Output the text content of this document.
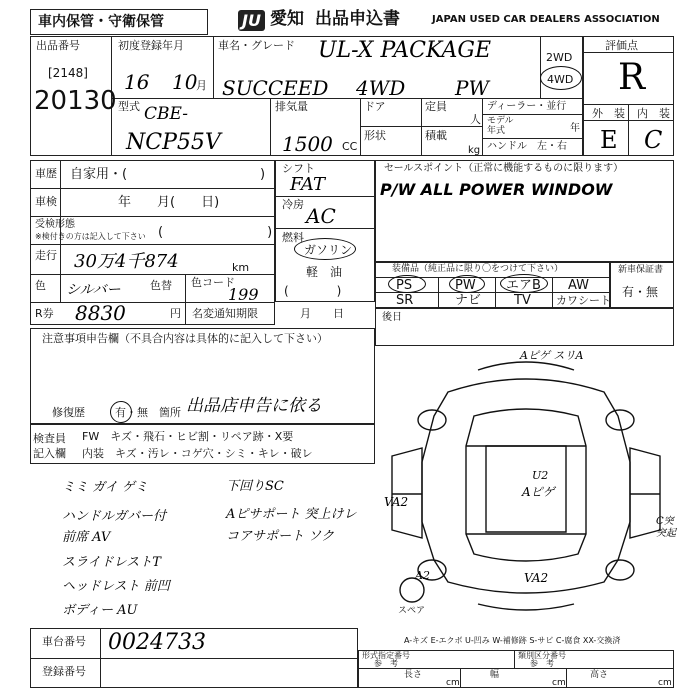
車内保管・守衛保管	JU 愛知 出品申込書	JAPAN USED CAR DEALERS ASSOCIATION
出品番号
[2148]
20130
初度登録年月
16 10
月
車名・グレード UL-X PACKAGE
SUCCEED 4WD PW
2WD
4WD
型式 CBE-
NCP55V
排気量
1500 CC
ドア
形状
定員
人
積載
kg
ディーラー・並行
モデル
年式	年
ハンドル　左・右
評価点
R
外　装 内　装
E C
車歴 自家用・(	)
車検	年　　月(　　日)
受検形態
※検付きの方は記入して下さい (　　　　　　　　)
走行 30万4千874	km
色 シルバー	色替 色コード
199
R券 8830	円 名変通知期限	月　　日
シフト
FAT
冷房 AC
燃料
ガソリン
軽　油
(　　　　)
セールスポイント（正常に機能するものに限ります）
P/W ALL POWER WINDOW
装備品（純正品に限り〇をつけて下さい）
PS	PW エアB AW
SR	ナビ	TV カワシート
新車保証書
有・無
後日
注意事項申告欄（不具合内容は具体的に記入して下さい）
修復歴	有・無　箇所 出品店申告に依る
検査員
記入欄
FW　キズ・飛石・ヒビ割・リペア跡・X要
内装　キズ・汚レ・コゲ穴・シミ・キレ・破レ
ミミ ガイ ゲミ
ハンドルガバー付
前席 AV
スライドレストT
ヘッドレスト 前凹
ボディー AU
下回りSC
Aピサポート 突上けレ
コアサポート ソク
Aピゲ スリA
U2
Aピゲ
VA2
VA2
A2
C突
突起
スペア
A-キズ E-エクボ U-凹み W-補修跡 S-サビ C-腐食 XX-交換済
車台番号 0024733
登録番号
形式指定番号
参　考
類別区分番号
参　考
長さ
cm
幅
cm
高さ
cm
